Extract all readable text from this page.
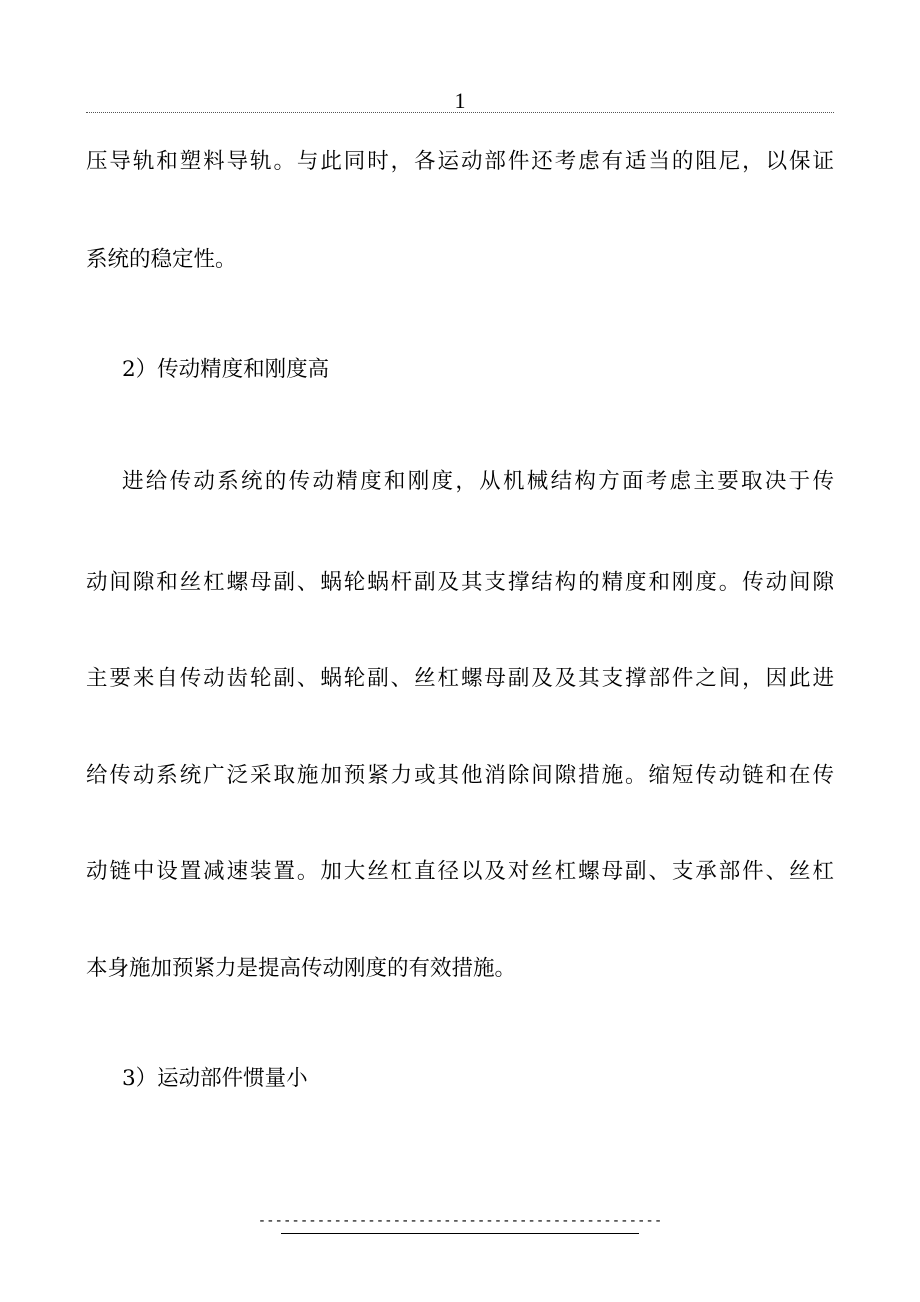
1
压导轨和塑料导轨。与此同时，各运动部件还考虑有适当的阻尼，以保证
系统的稳定性。
2）传动精度和刚度高
进给传动系统的传动精度和刚度，从机械结构方面考虑主要取决于传
动间隙和丝杠螺母副、蜗轮蜗杆副及其支撑结构的精度和刚度。传动间隙
主要来自传动齿轮副、蜗轮副、丝杠螺母副及及其支撑部件之间，因此进
给传动系统广泛采取施加预紧力或其他消除间隙措施。缩短传动链和在传
动链中设置减速装置。加大丝杠直径以及对丝杠螺母副、支承部件、丝杠
本身施加预紧力是提高传动刚度的有效措施。
3）运动部件惯量小
------------------------------------------------
